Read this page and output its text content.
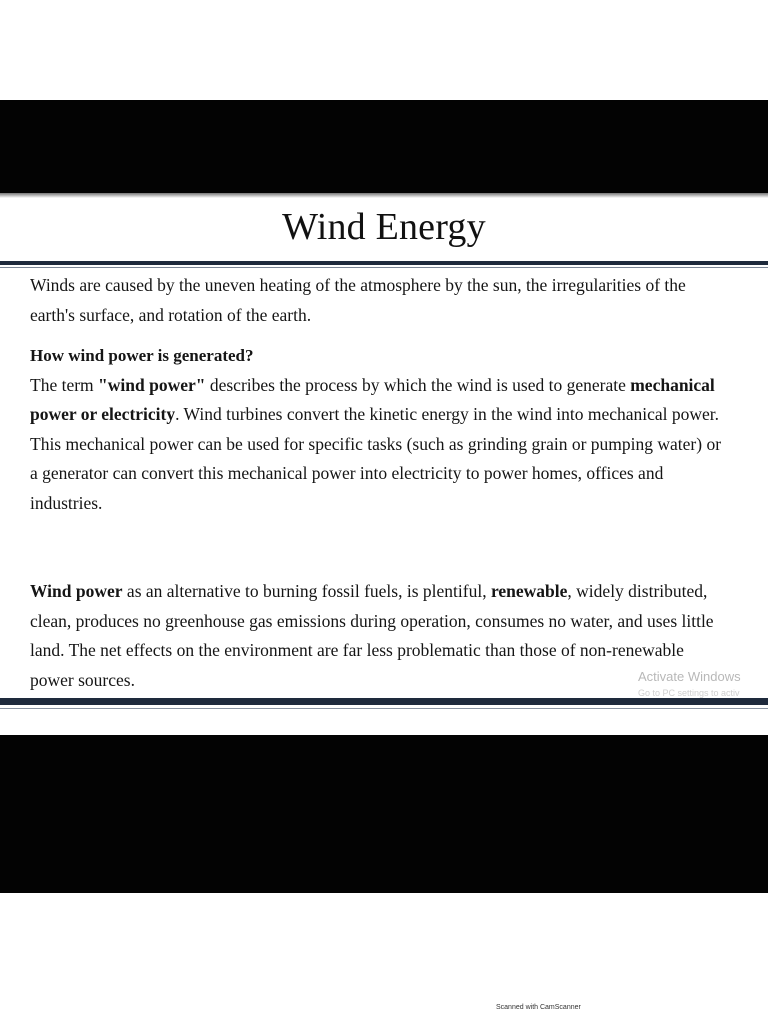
Wind Energy
Winds are caused by the uneven heating of the atmosphere by the sun, the irregularities of the earth's surface, and rotation of the earth.
How wind power is generated?
The term "wind power" describes the process by which the wind is used to generate mechanical power or electricity. Wind turbines convert the kinetic energy in the wind into mechanical power. This mechanical power can be used for specific tasks (such as grinding grain or pumping water) or a generator can convert this mechanical power into electricity to power homes, offices and industries.
Wind power as an alternative to burning fossil fuels, is plentiful, renewable, widely distributed, clean, produces no greenhouse gas emissions during operation, consumes no water, and uses little land. The net effects on the environment are far less problematic than those of non-renewable power sources.	Activate Windows
Go to PC settings to activ
Scanned with CamScanner
